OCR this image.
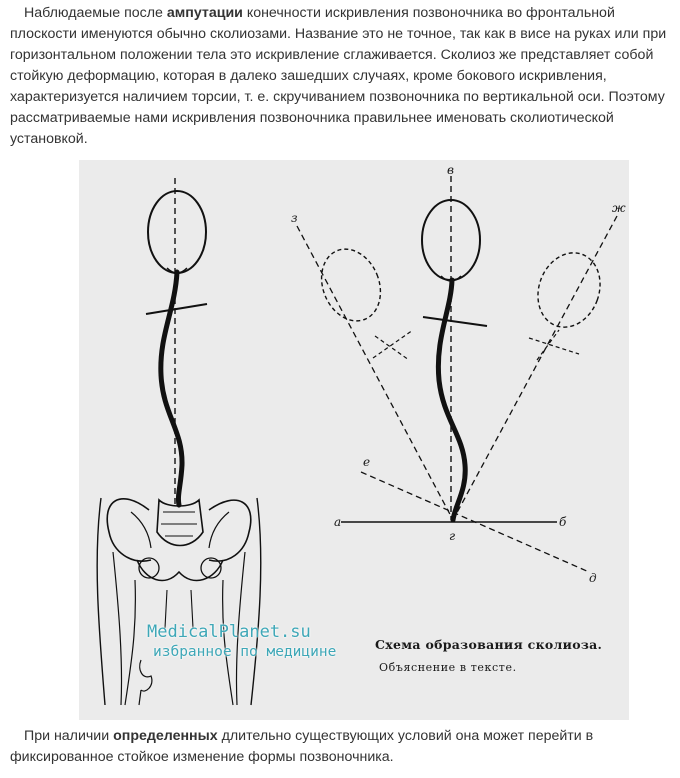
Наблюдаемые после ампутации конечности искривления позвоночника во фронтальной плоскости именуются обычно сколиозами. Название это не точное, так как в висе на руках или при горизонтальном положении тела это искривление сглаживается. Сколиоз же представляет собой стойкую деформацию, которая в далеко зашедших случаях, кроме бокового искривления, характеризуется наличием торсии, т. е. скручиванием позвоночника по вертикальной оси. Поэтому рассматриваемые нами искривления позвоночника правильнее именовать сколиотической установкой.

а	б
в
г
д
е
ж
з
Схема образования сколиоза.
Объяснение в тексте.
MedicalPlanet.su
избранное по медицине

При наличии определенных длительно существующих условий она может перейти в фиксированное стойкое изменение формы позвоночника.
